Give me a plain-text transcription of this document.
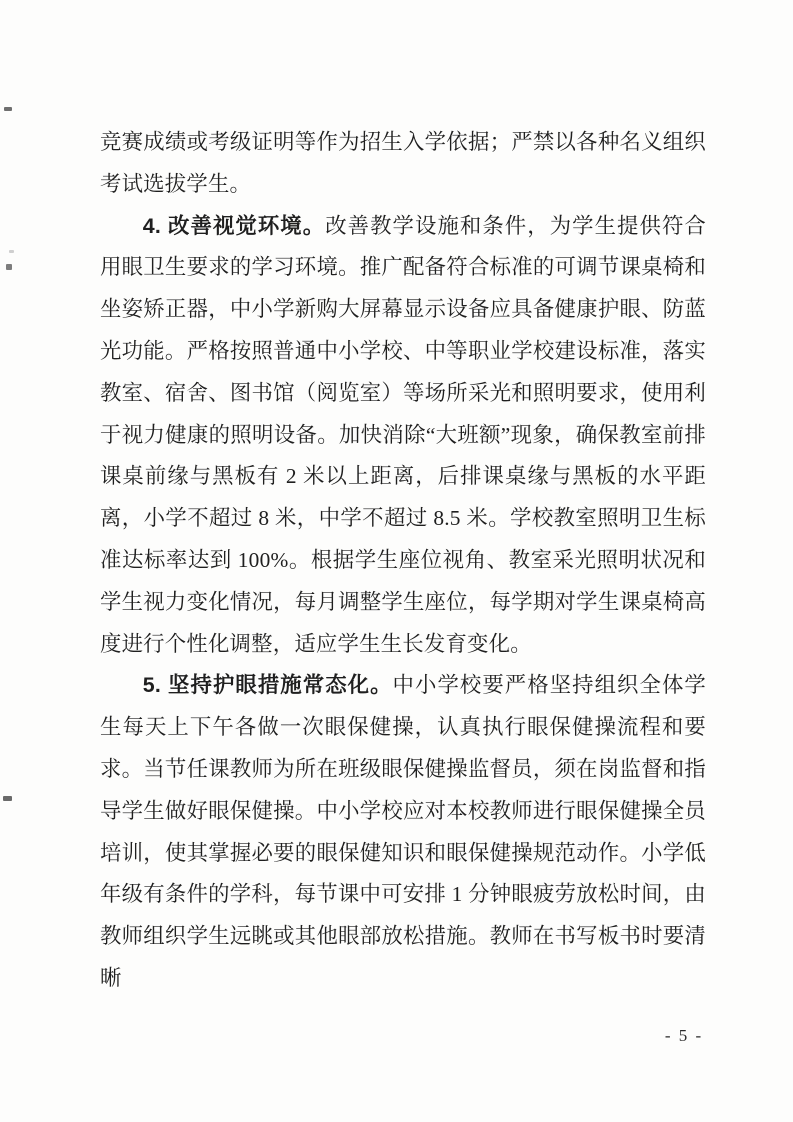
竞赛成绩或考级证明等作为招生入学依据；严禁以各种名义组织考试选拔学生。

4. 改善视觉环境。改善教学设施和条件，为学生提供符合用眼卫生要求的学习环境。推广配备符合标准的可调节课桌椅和坐姿矫正器，中小学新购大屏幕显示设备应具备健康护眼、防蓝光功能。严格按照普通中小学校、中等职业学校建设标准，落实教室、宿舍、图书馆（阅览室）等场所采光和照明要求，使用利于视力健康的照明设备。加快消除“大班额”现象，确保教室前排课桌前缘与黑板有 2 米以上距离，后排课桌缘与黑板的水平距离，小学不超过 8 米，中学不超过 8.5 米。学校教室照明卫生标准达标率达到 100%。根据学生座位视角、教室采光照明状况和学生视力变化情况，每月调整学生座位，每学期对学生课桌椅高度进行个性化调整，适应学生生长发育变化。

5. 坚持护眼措施常态化。中小学校要严格坚持组织全体学生每天上下午各做一次眼保健操，认真执行眼保健操流程和要求。当节任课教师为所在班级眼保健操监督员，须在岗监督和指导学生做好眼保健操。中小学校应对本校教师进行眼保健操全员培训，使其掌握必要的眼保健知识和眼保健操规范动作。小学低年级有条件的学科，每节课中可安排 1 分钟眼疲劳放松时间，由教师组织学生远眺或其他眼部放松措施。教师在书写板书时要清晰

- 5 -
